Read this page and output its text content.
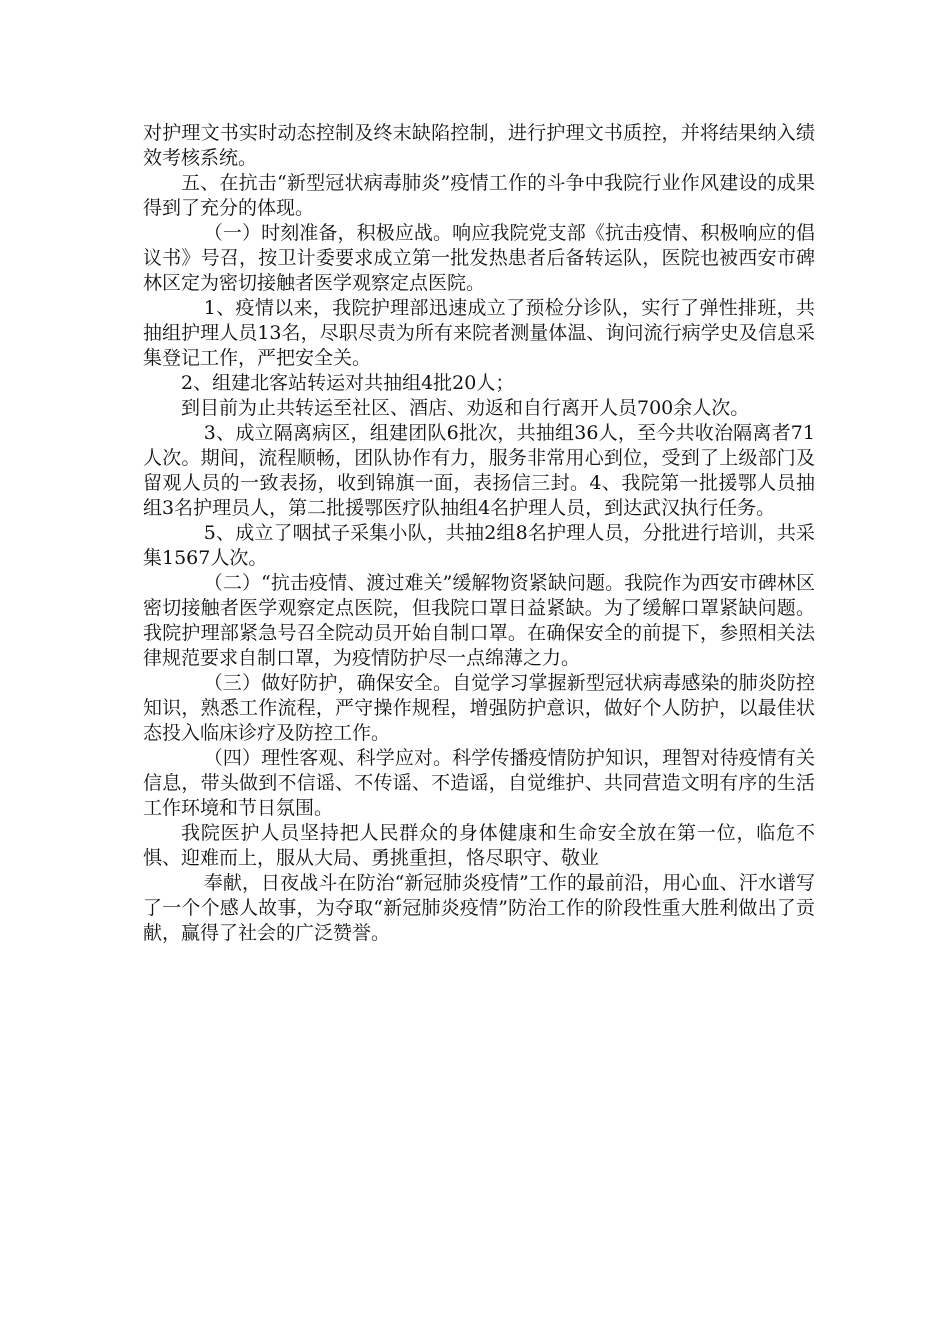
对护理文书实时动态控制及终末缺陷控制，进行护理文书质控，并将结果纳入绩效考核系统。

五、在抗击“新型冠状病毒肺炎”疫情工作的斗争中我院行业作风建设的成果得到了充分的体现。

（一）时刻准备，积极应战。响应我院党支部《抗击疫情、积极响应的倡议书》号召，按卫计委要求成立第一批发热患者后备转运队，医院也被西安市碑林区定为密切接触者医学观察定点医院。

1、疫情以来，我院护理部迅速成立了预检分诊队，实行了弹性排班，共抽组护理人员13名，尽职尽责为所有来院者测量体温、询问流行病学史及信息采集登记工作，严把安全关。

2、组建北客站转运对共抽组4批20人；

到目前为止共转运至社区、酒店、劝返和自行离开人员700余人次。

3、成立隔离病区，组建团队6批次，共抽组36人，至今共收治隔离者71人次。期间，流程顺畅，团队协作有力，服务非常用心到位，受到了上级部门及留观人员的一致表扬，收到锦旗一面，表扬信三封。4、我院第一批援鄂人员抽组3名护理员人，第二批援鄂医疗队抽组4名护理人员，到达武汉执行任务。

5、成立了咽拭子采集小队，共抽2组8名护理人员，分批进行培训，共采集1567人次。

（二）“抗击疫情、渡过难关”缓解物资紧缺问题。我院作为西安市碑林区密切接触者医学观察定点医院，但我院口罩日益紧缺。为了缓解口罩紧缺问题。我院护理部紧急号召全院动员开始自制口罩。在确保安全的前提下，参照相关法律规范要求自制口罩，为疫情防护尽一点绵薄之力。

（三）做好防护，确保安全。自觉学习掌握新型冠状病毒感染的肺炎防控知识，熟悉工作流程，严守操作规程，增强防护意识，做好个人防护，以最佳状态投入临床诊疗及防控工作。

（四）理性客观、科学应对。科学传播疫情防护知识，理智对待疫情有关信息，带头做到不信谣、不传谣、不造谣，自觉维护、共同营造文明有序的生活工作环境和节日氛围。

我院医护人员坚持把人民群众的身体健康和生命安全放在第一位，临危不惧、迎难而上，服从大局、勇挑重担，恪尽职守、敬业

奉献，日夜战斗在防治“新冠肺炎疫情”工作的最前沿，用心血、汗水谱写了一个个感人故事，为夺取“新冠肺炎疫情”防治工作的阶段性重大胜利做出了贡献，赢得了社会的广泛赞誉。
